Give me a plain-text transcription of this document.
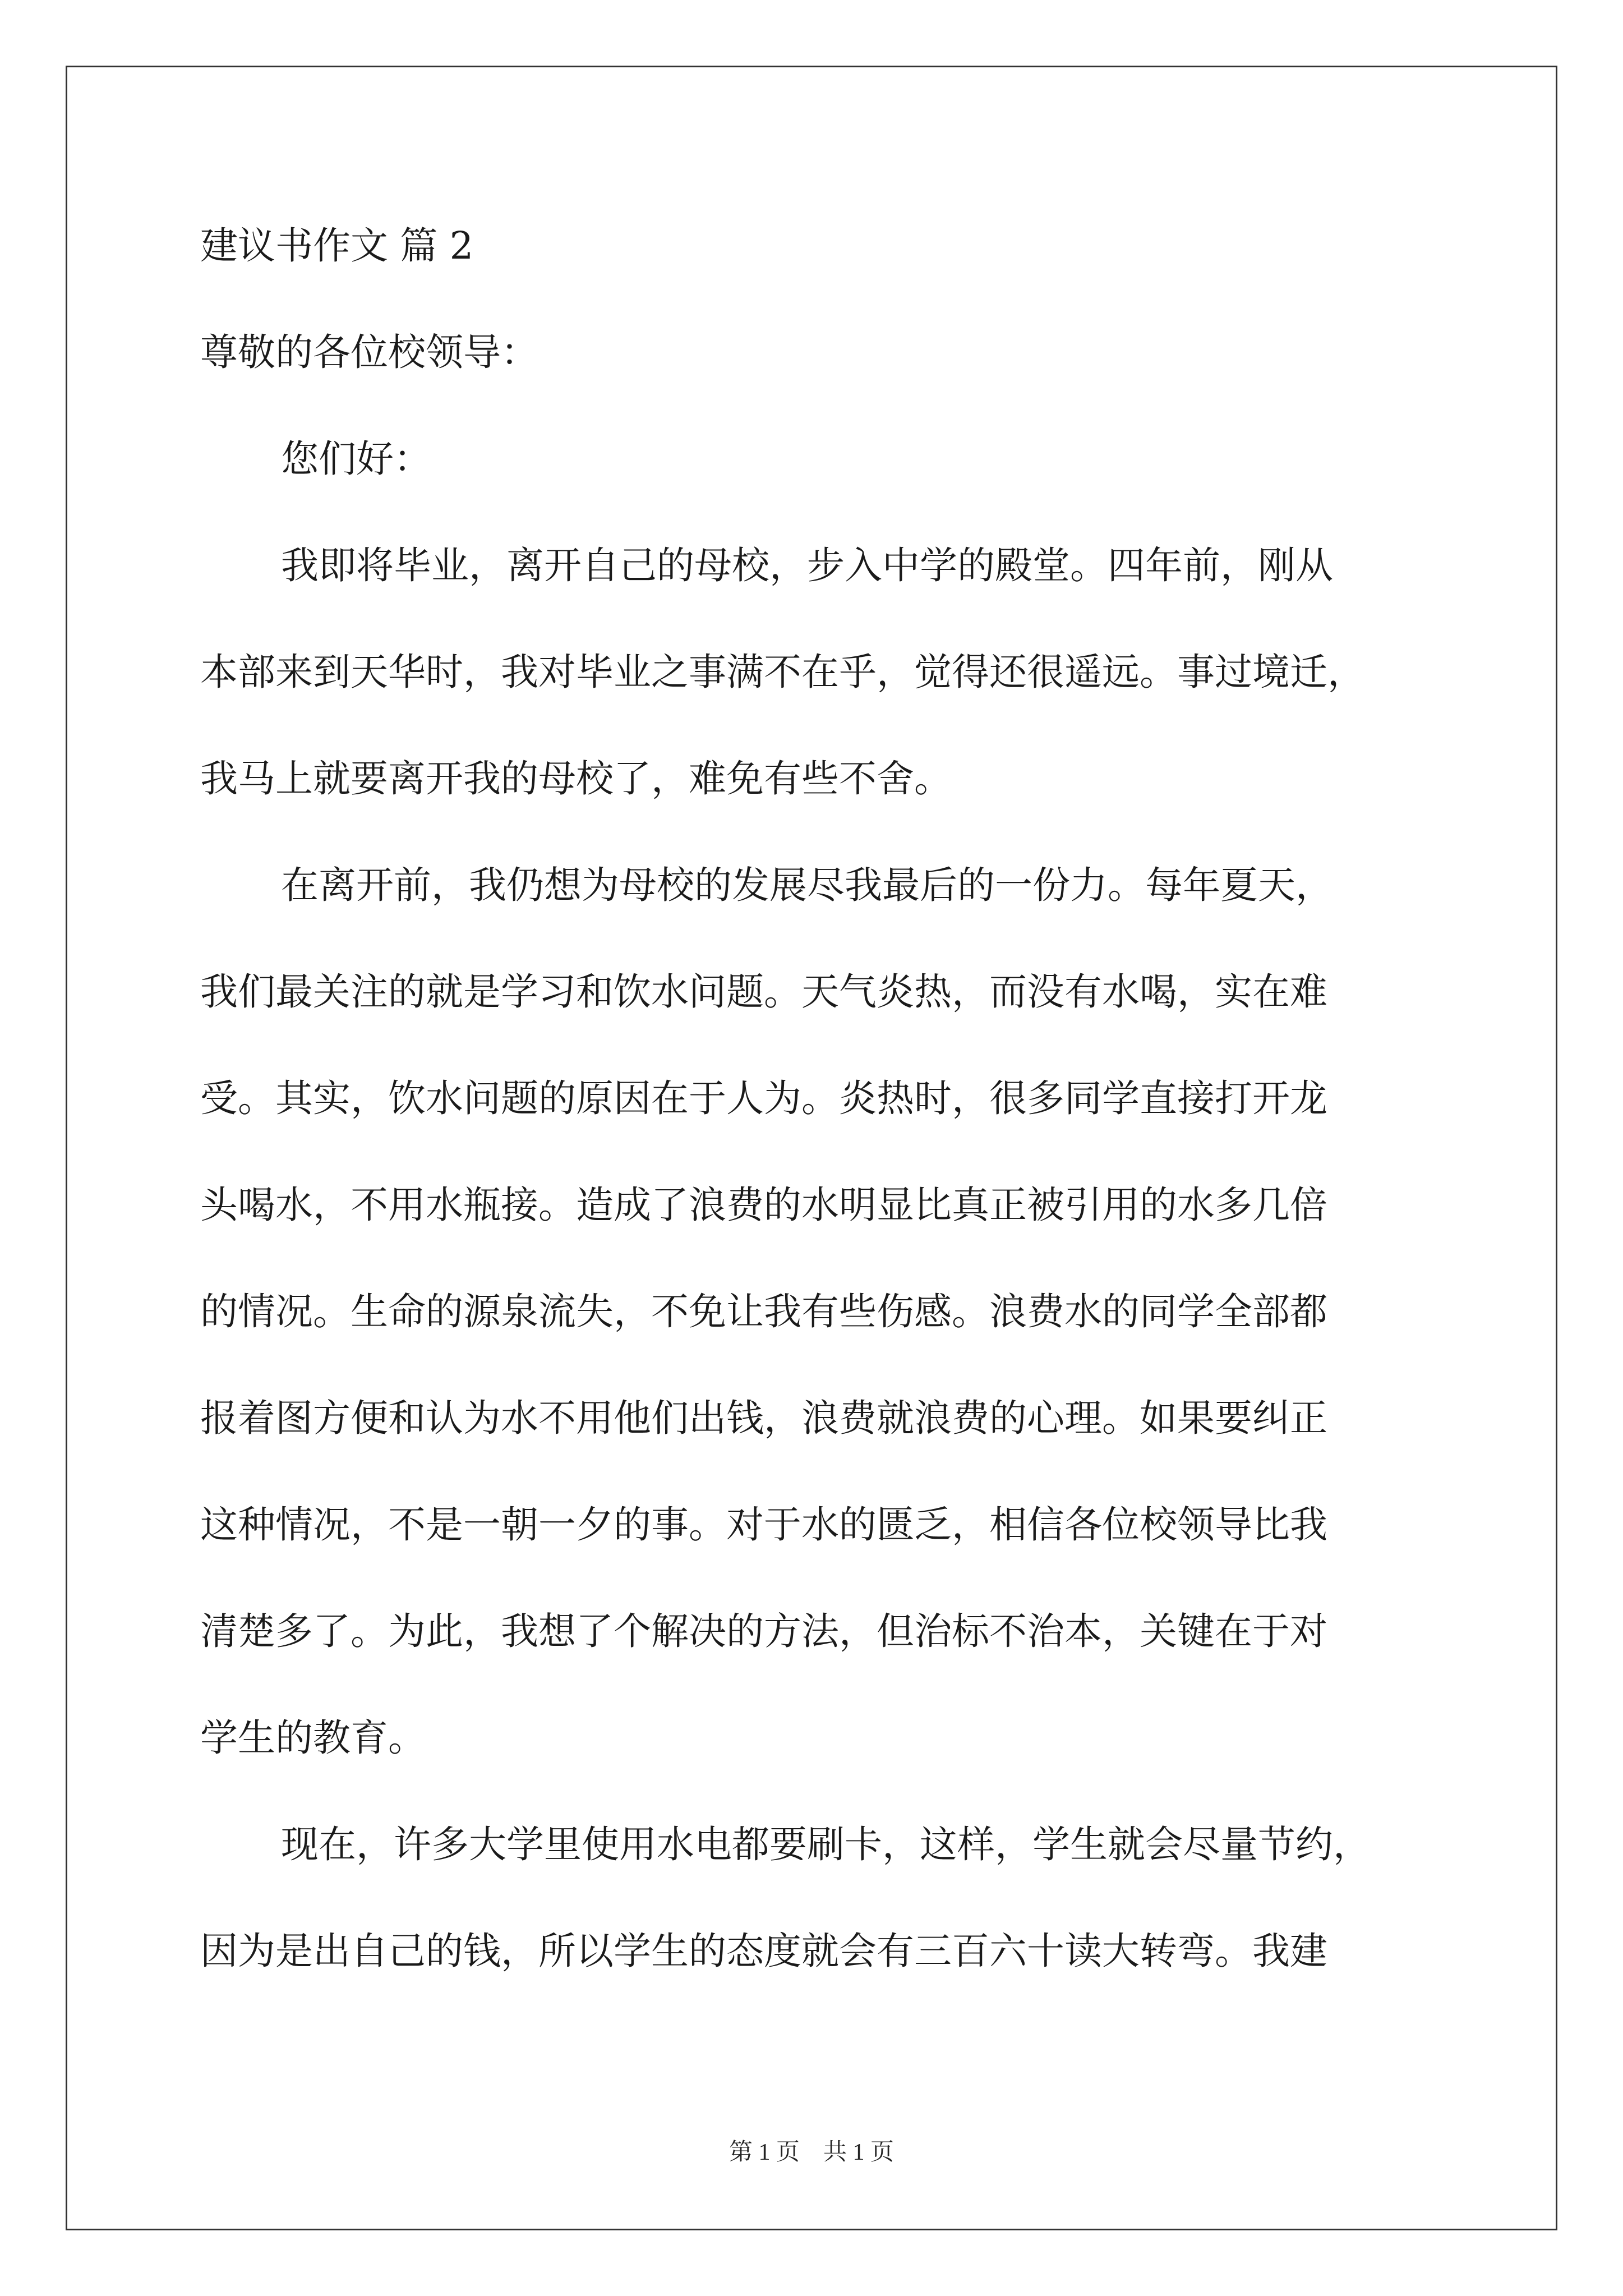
建议书作文 篇 2

尊敬的各位校领导：

您们好：

我即将毕业，离开自己的母校，步入中学的殿堂。四年前，刚从

本部来到天华时，我对毕业之事满不在乎，觉得还很遥远。事过境迁，

我马上就要离开我的母校了，难免有些不舍。

在离开前，我仍想为母校的发展尽我最后的一份力。每年夏天，

我们最关注的就是学习和饮水问题。天气炎热，而没有水喝，实在难

受。其实，饮水问题的原因在于人为。炎热时，很多同学直接打开龙

头喝水，不用水瓶接。造成了浪费的水明显比真正被引用的水多几倍

的情况。生命的源泉流失，不免让我有些伤感。浪费水的同学全部都

报着图方便和认为水不用他们出钱，浪费就浪费的心理。如果要纠正

这种情况，不是一朝一夕的事。对于水的匮乏，相信各位校领导比我

清楚多了。为此，我想了个解决的方法，但治标不治本，关键在于对

学生的教育。

现在，许多大学里使用水电都要刷卡，这样，学生就会尽量节约，

因为是出自己的钱，所以学生的态度就会有三百六十读大转弯。我建

第 1 页    共 1 页
